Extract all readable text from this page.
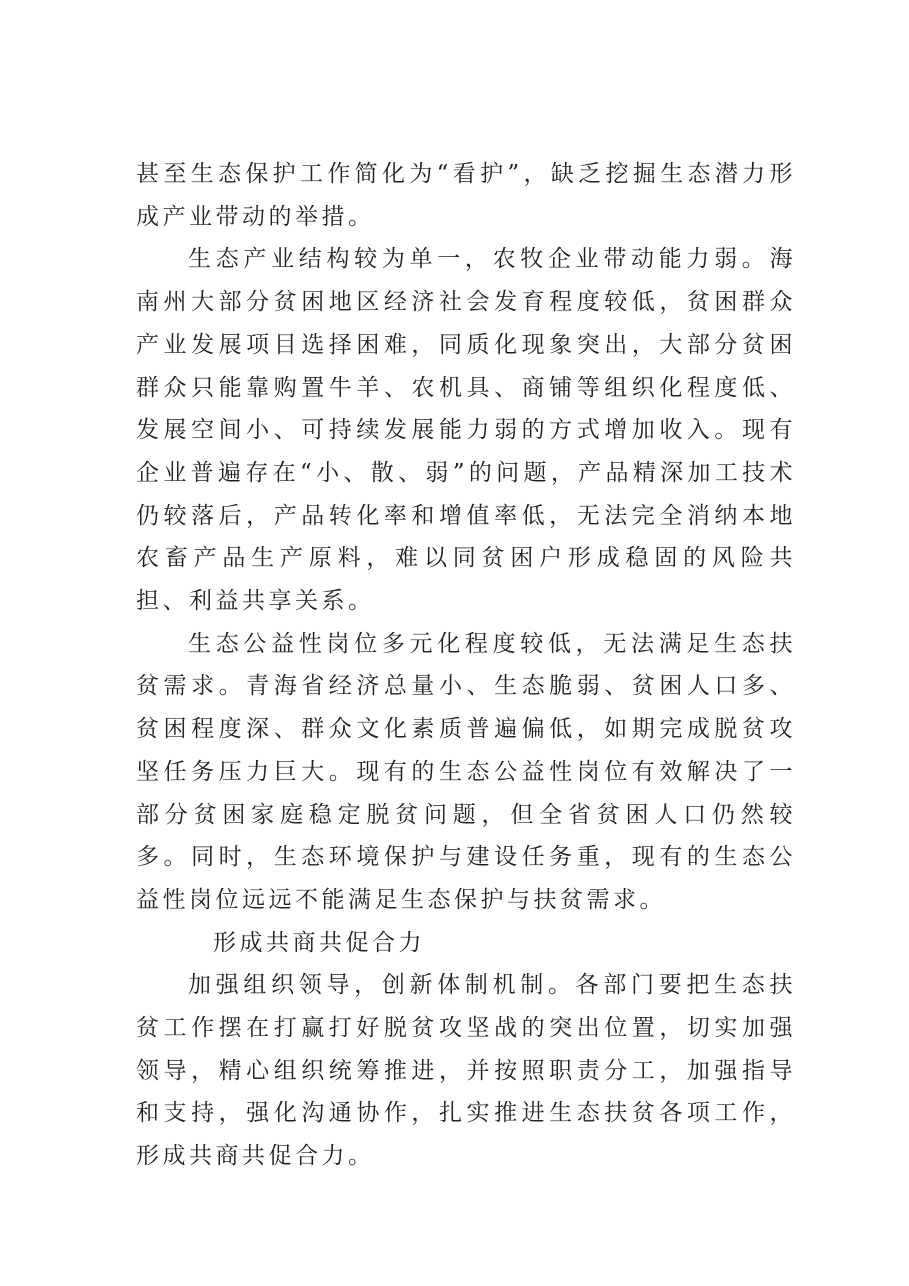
甚至生态保护工作简化为“看护”，缺乏挖掘生态潜力形成产业带动的举措。

生态产业结构较为单一，农牧企业带动能力弱。海南州大部分贫困地区经济社会发育程度较低，贫困群众产业发展项目选择困难，同质化现象突出，大部分贫困群众只能靠购置牛羊、农机具、商铺等组织化程度低、发展空间小、可持续发展能力弱的方式增加收入。现有企业普遍存在“小、散、弱”的问题，产品精深加工技术仍较落后，产品转化率和增值率低，无法完全消纳本地农畜产品生产原料，难以同贫困户形成稳固的风险共担、利益共享关系。

生态公益性岗位多元化程度较低，无法满足生态扶贫需求。青海省经济总量小、生态脆弱、贫困人口多、贫困程度深、群众文化素质普遍偏低，如期完成脱贫攻坚任务压力巨大。现有的生态公益性岗位有效解决了一部分贫困家庭稳定脱贫问题，但全省贫困人口仍然较多。同时，生态环境保护与建设任务重，现有的生态公益性岗位远远不能满足生态保护与扶贫需求。

形成共商共促合力

加强组织领导，创新体制机制。各部门要把生态扶贫工作摆在打赢打好脱贫攻坚战的突出位置，切实加强领导，精心组织统筹推进，并按照职责分工，加强指导和支持，强化沟通协作，扎实推进生态扶贫各项工作，形成共商共促合力。
